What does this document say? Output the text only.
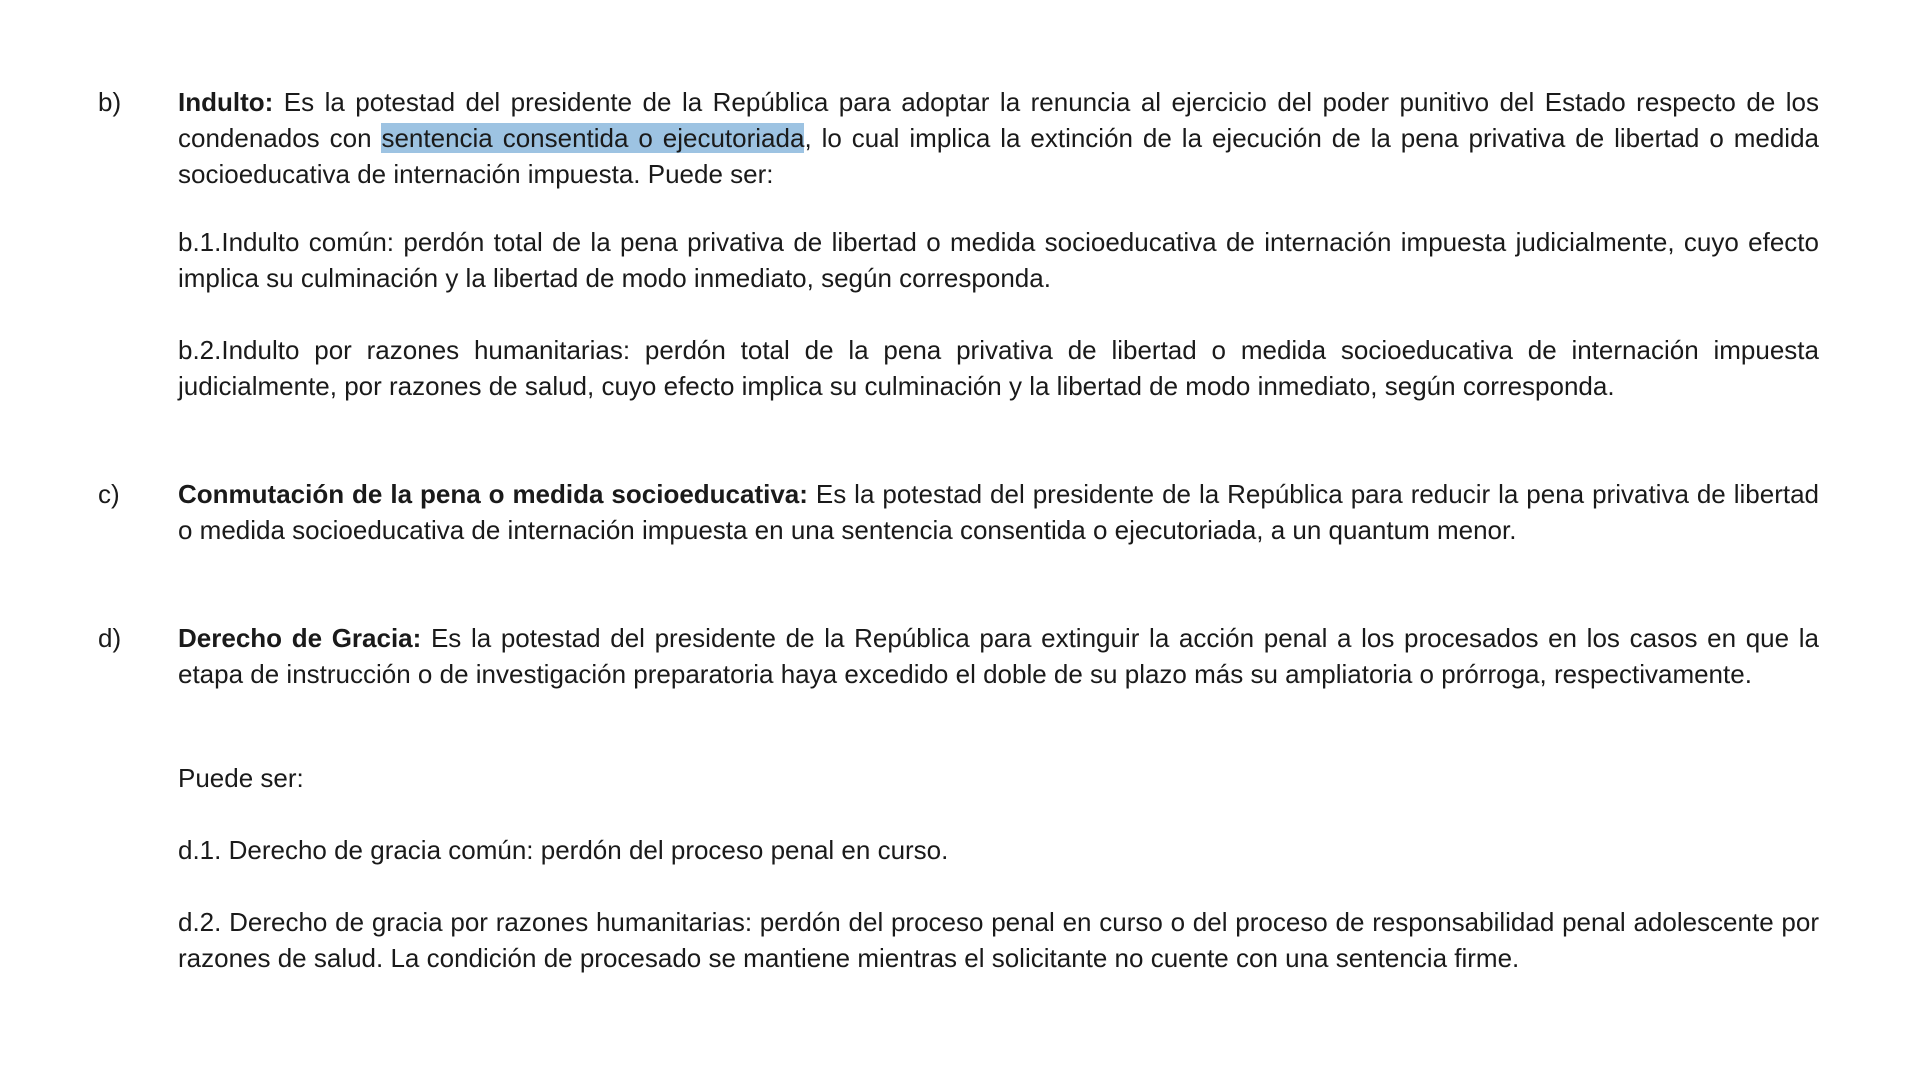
b) Indulto: Es la potestad del presidente de la República para adoptar la renuncia al ejercicio del poder punitivo del Estado respecto de los condenados con sentencia consentida o ejecutoriada, lo cual implica la extinción de la ejecución de la pena privativa de libertad o medida socioeducativa de internación impuesta. Puede ser:

b.1.Indulto común: perdón total de la pena privativa de libertad o medida socioeducativa de internación impuesta judicialmente, cuyo efecto implica su culminación y la libertad de modo inmediato, según corresponda.

b.2.Indulto por razones humanitarias: perdón total de la pena privativa de libertad o medida socioeducativa de internación impuesta judicialmente, por razones de salud, cuyo efecto implica su culminación y la libertad de modo inmediato, según corresponda.

c) Conmutación de la pena o medida socioeducativa: Es la potestad del presidente de la República para reducir la pena privativa de libertad o medida socioeducativa de internación impuesta en una sentencia consentida o ejecutoriada, a un quantum menor.

d) Derecho de Gracia: Es la potestad del presidente de la República para extinguir la acción penal a los procesados en los casos en que la etapa de instrucción o de investigación preparatoria haya excedido el doble de su plazo más su ampliatoria o prórroga, respectivamente.

Puede ser:

d.1. Derecho de gracia común: perdón del proceso penal en curso.

d.2. Derecho de gracia por razones humanitarias: perdón del proceso penal en curso o del proceso de responsabilidad penal adolescente por razones de salud. La condición de procesado se mantiene mientras el solicitante no cuente con una sentencia firme.
